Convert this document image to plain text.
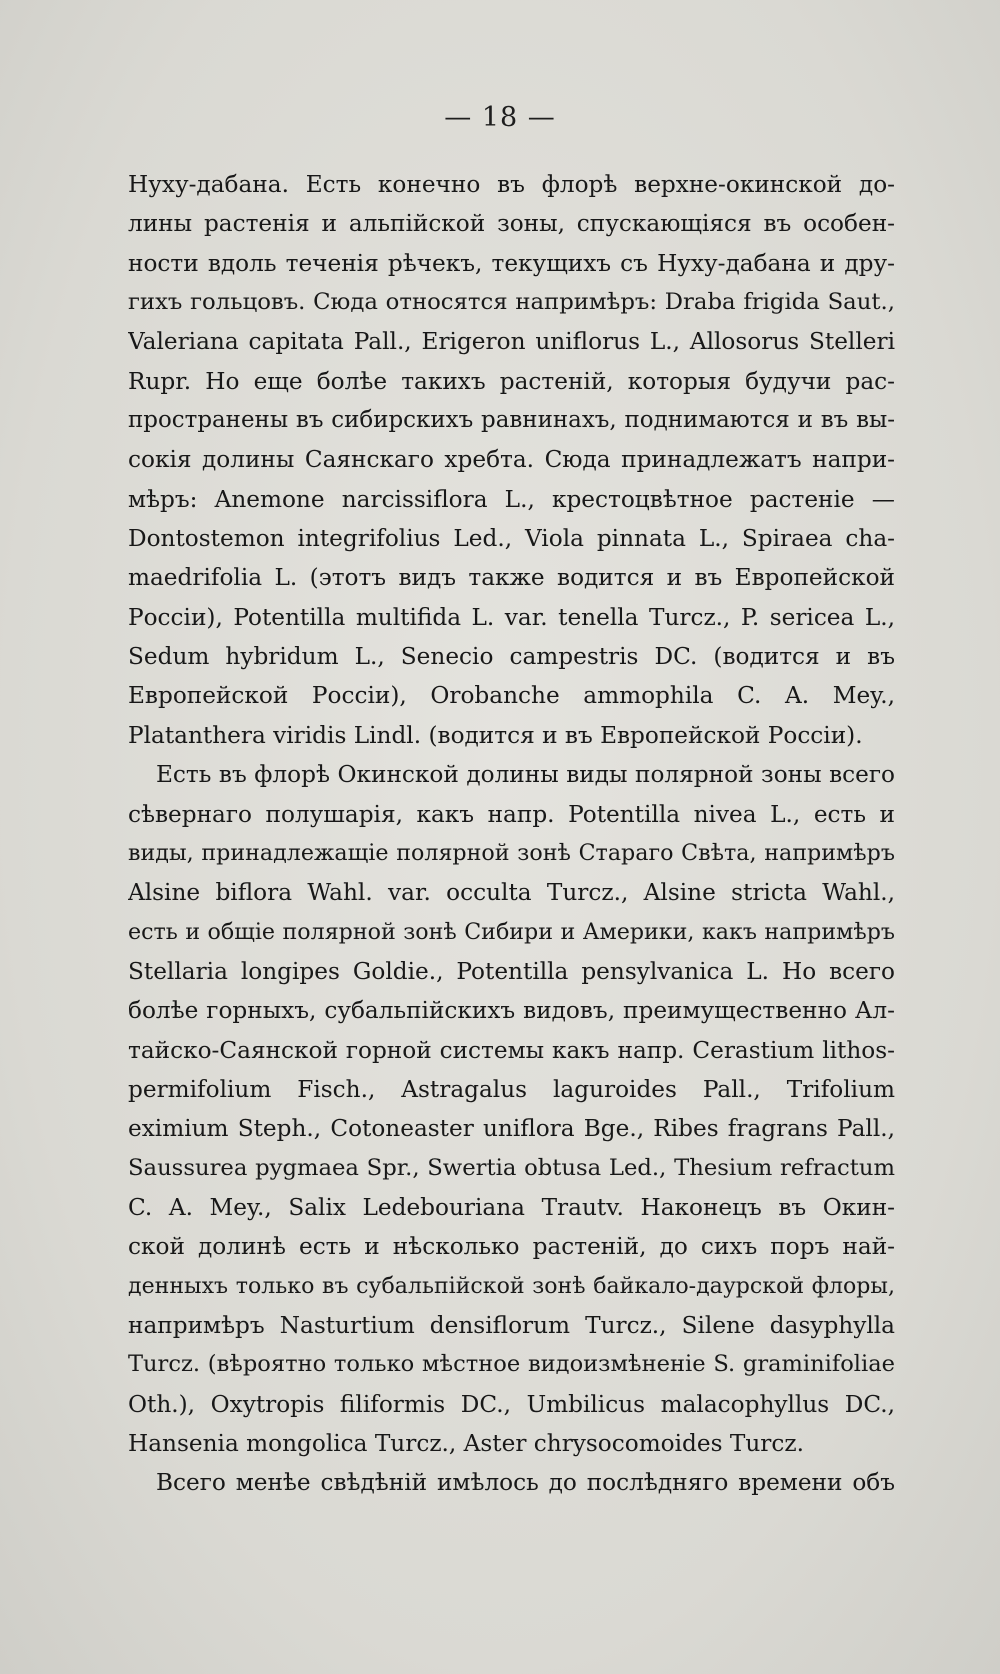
— 18 —
Нуху-дабана. Есть конечно въ флорѣ верхне-окинской до-
лины растенія и альпійской зоны, спускающіяся въ особен-
ности вдоль теченія рѣчекъ, текущихъ съ Нуху-дабана и дру-
гихъ гольцовъ. Сюда относятся напримѣръ: Draba frigida Saut.,
Valeriana capitata Pall., Erigeron uniflorus L., Allosorus Stelleri
Rupr. Но еще болѣе такихъ растеній, которыя будучи рас-
пространены въ сибирскихъ равнинахъ, поднимаются и въ вы-
сокія долины Саянскаго хребта. Сюда принадлежатъ напри-
мѣръ: Anemone narcissiflora L., крестоцвѣтное растеніе —
Dontostemon integrifolius Led., Viola pinnata L., Spiraea cha-
maedrifolia L. (этотъ видъ также водится и въ Европейской
Россіи), Potentilla multifida L. var. tenella Turcz., P. sericea L.,
Sedum hybridum L., Senecio campestris DC. (водится и въ
Европейской Россіи), Orobanche ammophila C. A. Mey.,
Platanthera viridis Lindl. (водится и въ Европейской Россіи).
Есть въ флорѣ Окинской долины виды полярной зоны всего
сѣвернаго полушарія, какъ напр. Potentilla nivea L., есть и
виды, принадлежащіе полярной зонѣ Стараго Свѣта, напримѣръ
Alsine biflora Wahl. var. occulta Turcz., Alsine stricta Wahl.,
есть и общіе полярной зонѣ Сибири и Америки, какъ напримѣръ
Stellaria longipes Goldie., Potentilla pensylvanica L. Но всего
болѣе горныхъ, субальпійскихъ видовъ, преимущественно Ал-
тайско-Саянской горной системы какъ напр. Cerastium lithos-
permifolium Fisch., Astragalus laguroides Pall., Trifolium
eximium Steph., Cotoneaster uniflora Bge., Ribes fragrans Pall.,
Saussurea pygmaea Spr., Swertia obtusa Led., Thesium refractum
C. A. Mey., Salix Ledebouriana Trautv. Наконецъ въ Окин-
ской долинѣ есть и нѣсколько растеній, до сихъ поръ най-
денныхъ только въ субальпійской зонѣ байкало-даурской флоры,
напримѣръ Nasturtium densiflorum Turcz., Silene dasyphylla
Turcz. (вѣроятно только мѣстное видоизмѣненіе S. graminifoliae
Oth.), Oxytropis filiformis DC., Umbilicus malacophyllus DC.,
Hansenia mongolica Turcz., Aster chrysocomoides Turcz.
Всего менѣе свѣдѣній имѣлось до послѣдняго времени объ
